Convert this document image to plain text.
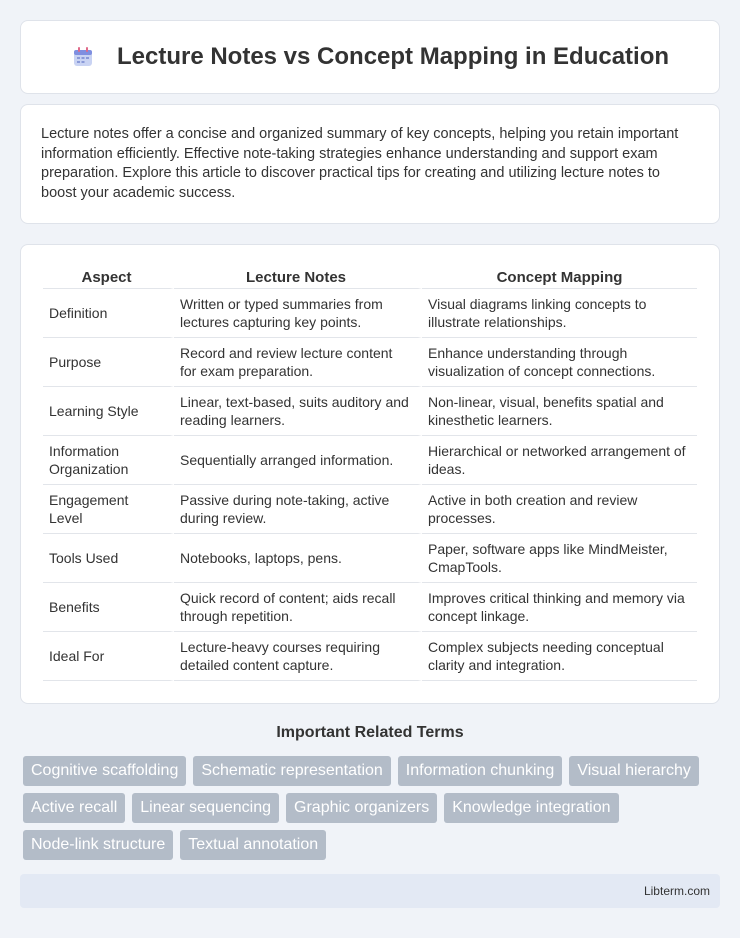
Lecture Notes vs Concept Mapping in Education

Lecture notes offer a concise and organized summary of key concepts, helping you retain important information efficiently. Effective note-taking strategies enhance understanding and support exam preparation. Explore this article to discover practical tips for creating and utilizing lecture notes to boost your academic success.

Aspect	Lecture Notes	Concept Mapping
Definition	Written or typed summaries from lectures capturing key points.	Visual diagrams linking concepts to illustrate relationships.
Purpose	Record and review lecture content for exam preparation.	Enhance understanding through visualization of concept connections.
Learning Style	Linear, text-based, suits auditory and reading learners.	Non-linear, visual, benefits spatial and kinesthetic learners.
Information Organization	Sequentially arranged information.	Hierarchical or networked arrangement of ideas.
Engagement Level	Passive during note-taking, active during review.	Active in both creation and review processes.
Tools Used	Notebooks, laptops, pens.	Paper, software apps like MindMeister, CmapTools.
Benefits	Quick record of content; aids recall through repetition.	Improves critical thinking and memory via concept linkage.
Ideal For	Lecture-heavy courses requiring detailed content capture.	Complex subjects needing conceptual clarity and integration.
Important Related Terms
Cognitive scaffolding	Schematic representation	Information chunking	Visual hierarchy
Active recall	Linear sequencing	Graphic organizers	Knowledge integration
Node-link structure	Textual annotation
Libterm.com
